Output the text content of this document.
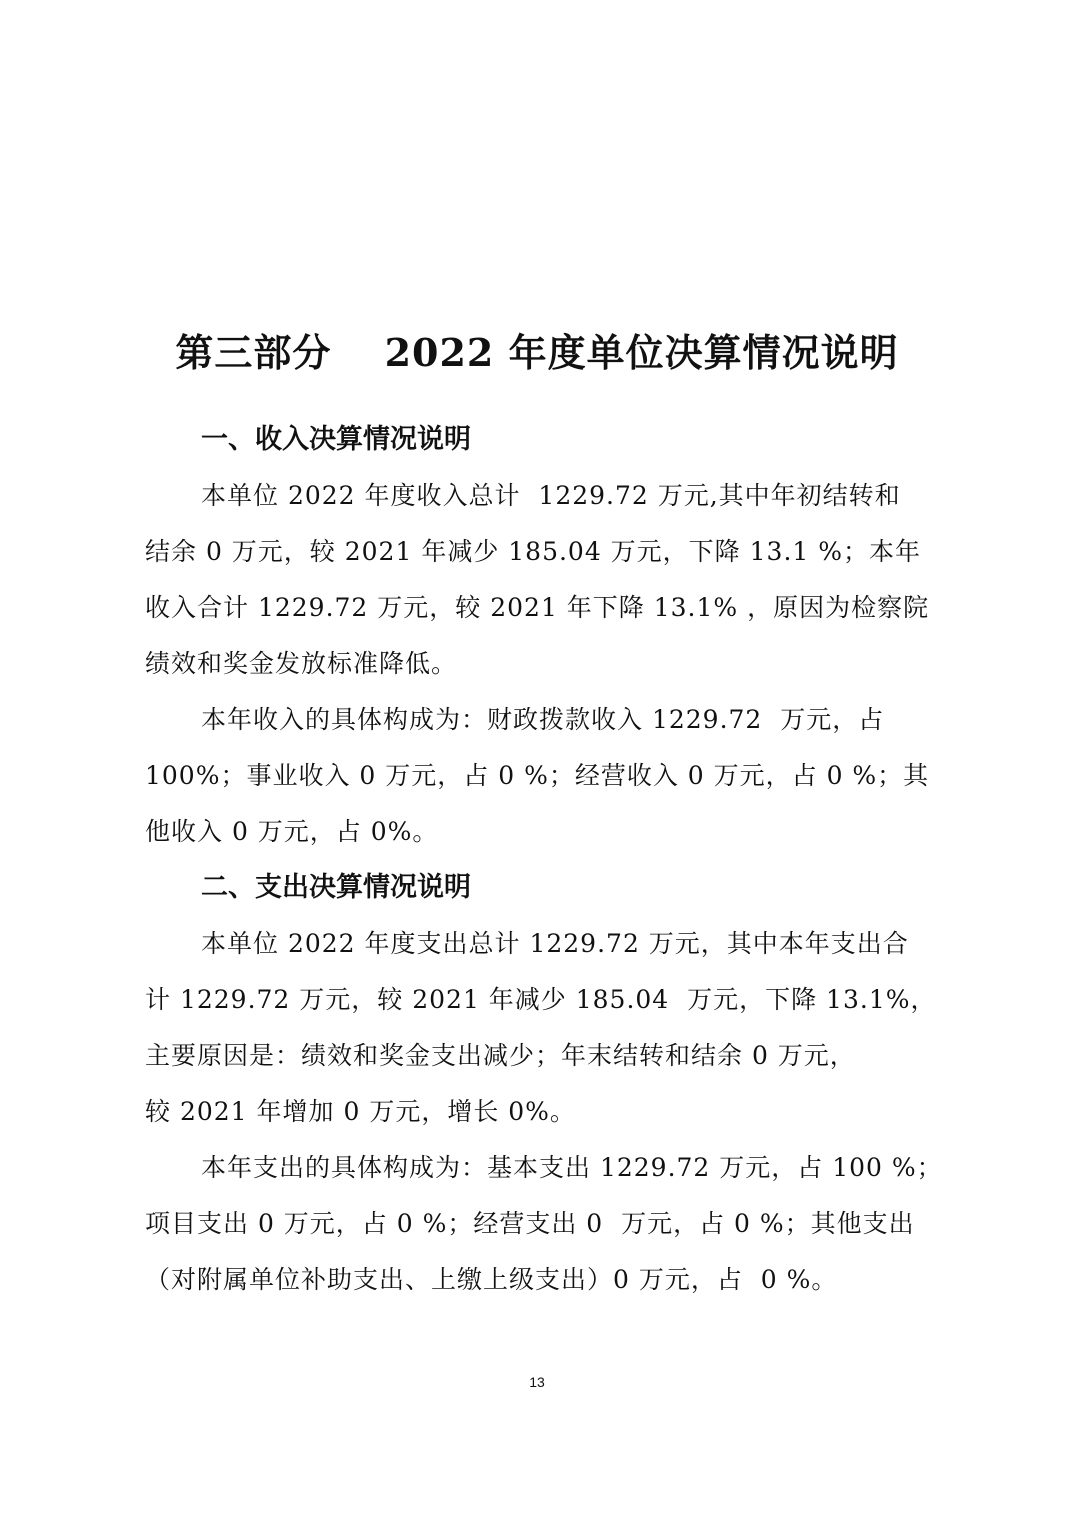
第三部分　 2022 年度单位决算情况说明
一、收入决算情况说明

本单位 2022 年度收入总计  1229.72 万元,其中年初结转和

结余 0 万元，较 2021 年减少 185.04 万元，下降 13.1 %；本年

收入合计 1229.72 万元，较 2021 年下降 13.1% ，原因为检察院

绩效和奖金发放标准降低。

本年收入的具体构成为：财政拨款收入 1229.72  万元，占

100%；事业收入 0 万元，占 0 %；经营收入 0 万元，占 0 %；其

他收入 0 万元，占 0%。

二、支出决算情况说明

本单位 2022 年度支出总计 1229.72 万元，其中本年支出合

计 1229.72 万元，较 2021 年减少 185.04  万元，下降 13.1%，

主要原因是：绩效和奖金支出减少；年末结转和结余 0 万元，

较 2021 年增加 0 万元，增长 0%。

本年支出的具体构成为：基本支出 1229.72 万元，占 100 %；

项目支出 0 万元，占 0 %；经营支出 0  万元，占 0 %；其他支出

（对附属单位补助支出、上缴上级支出）0 万元，占  0 %。

13
